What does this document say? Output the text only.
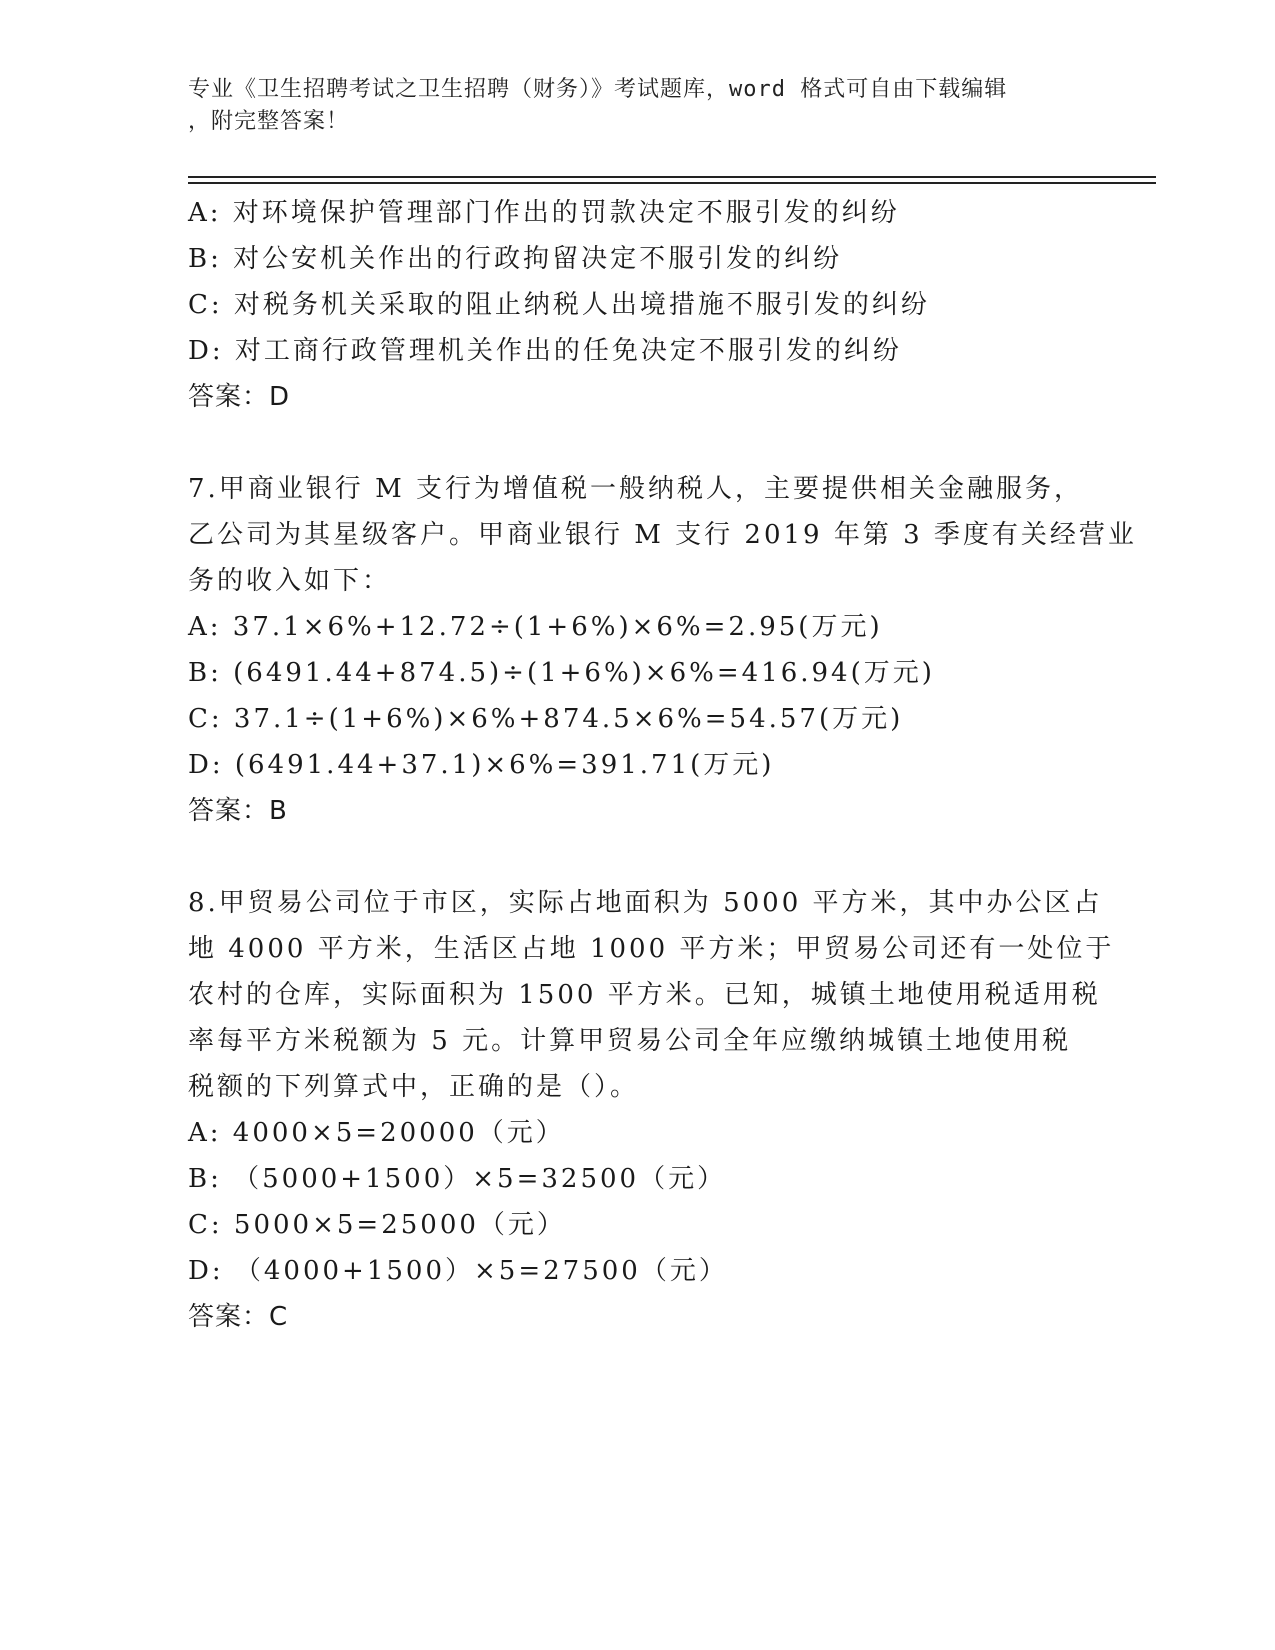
专业《卫生招聘考试之卫生招聘（财务）》考试题库，word 格式可自由下载编辑
，附完整答案！
A: 对环境保护管理部门作出的罚款决定不服引发的纠纷
B: 对公安机关作出的行政拘留决定不服引发的纠纷
C: 对税务机关采取的阻止纳税人出境措施不服引发的纠纷
D: 对工商行政管理机关作出的任免决定不服引发的纠纷
答案：D
7.甲商业银行 M 支行为增值税一般纳税人，主要提供相关金融服务，
乙公司为其星级客户。甲商业银行 M 支行 2019 年第 3 季度有关经营业
务的收入如下：
A: 37.1×6%+12.72÷(1+6%)×6%=2.95(万元)
B: (6491.44+874.5)÷(1+6%)×6%=416.94(万元)
C: 37.1÷(1+6%)×6%+874.5×6%=54.57(万元)
D: (6491.44+37.1)×6%=391.71(万元)
答案：B
8.甲贸易公司位于市区，实际占地面积为 5000 平方米，其中办公区占
地 4000 平方米，生活区占地 1000 平方米；甲贸易公司还有一处位于
农村的仓库，实际面积为 1500 平方米。已知，城镇土地使用税适用税
率每平方米税额为 5 元。计算甲贸易公司全年应缴纳城镇土地使用税
税额的下列算式中，正确的是（）。
A: 4000×5=20000（元）
B: （5000+1500）×5=32500（元）
C: 5000×5=25000（元）
D: （4000+1500）×5=27500（元）
答案：C
